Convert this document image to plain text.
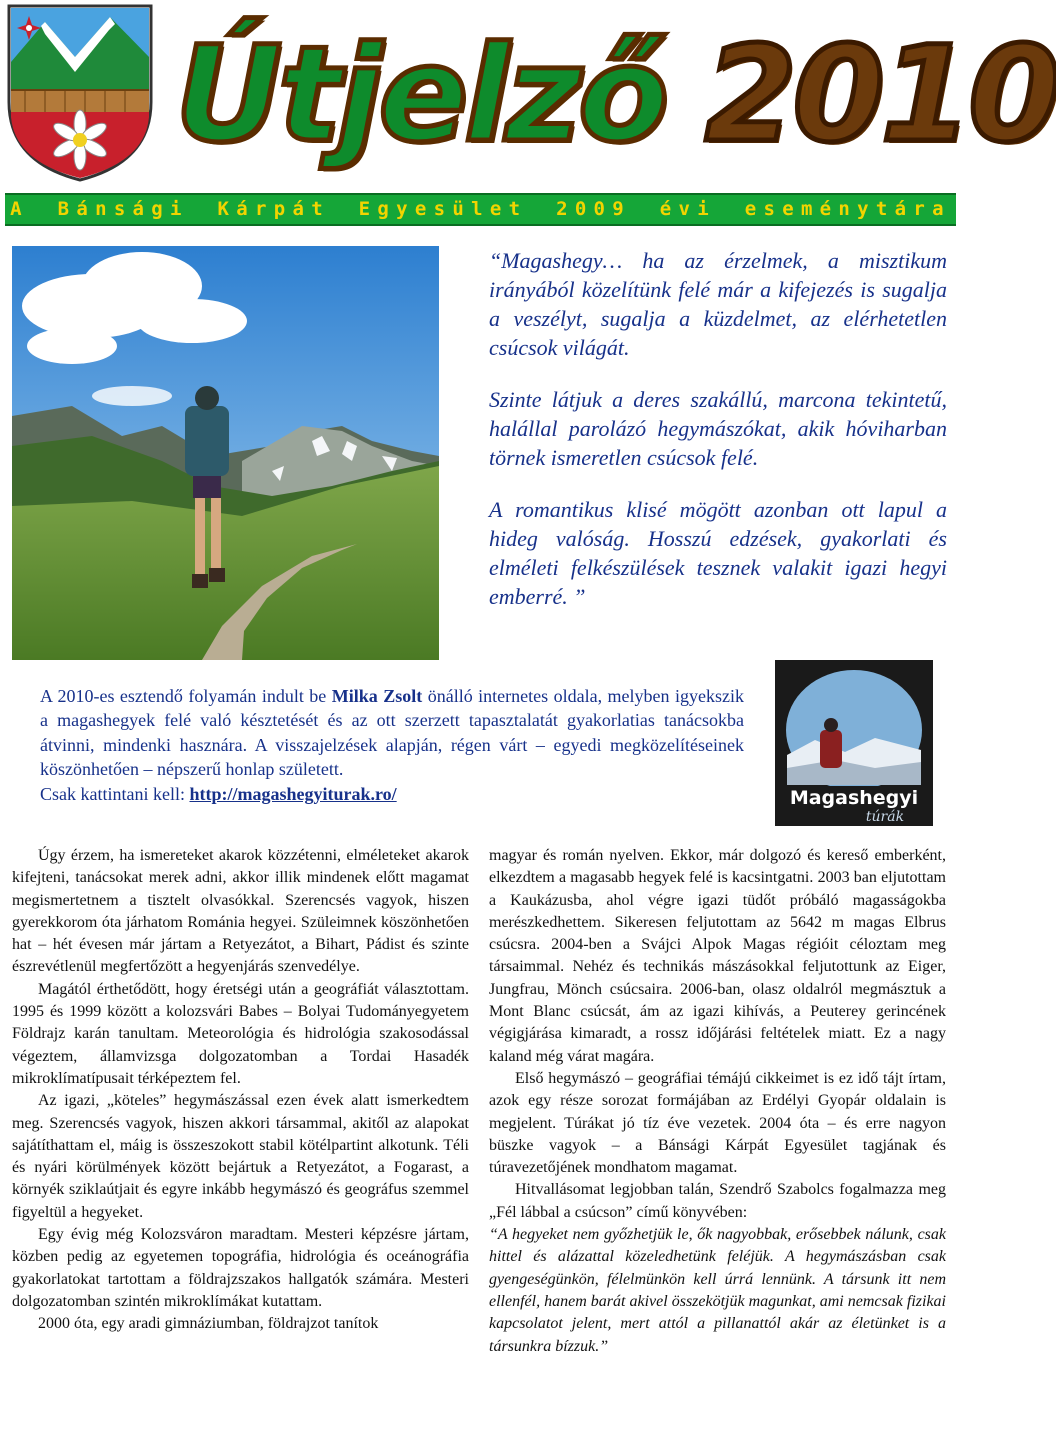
Útjelző 2010
A Bánsági Kárpát Egyesület 2009 évi eseménytára

“Magashegy… ha az érzelmek, a misztikum irányából közelítünk felé már a kifejezés is sugalja a veszélyt, sugalja a küzdelmet, az elérhetetlen csúcsok világát.

Szinte látjuk a deres szakállú, marcona tekintetű, halállal parolázó hegymászókat, akik hóviharban törnek ismeretlen csúcsok felé.

A romantikus klisé mögött azonban ott lapul a hideg valóság. Hosszú edzések, gyakorlati és elméleti felkészülések tesznek valakit igazi hegyi emberré. ”

A 2010-es esztendő folyamán indult be Milka Zsolt önálló internetes oldala, melyben igyekszik a magashegyek felé való késztetését és az ott szerzett tapasztalatát gyakorlatias tanácsokba átvinni, mindenki hasznára. A visszajelzések alapján, régen várt – egyedi megközelítéseinek köszönhetően – népszerű honlap született.

Csak kattintani kell: http://magashegyiturak.ro/	Magashegyi
túrák

Úgy érzem, ha ismereteket akarok közzétenni, elméleteket akarok kifejteni, tanácsokat merek adni, akkor illik mindenek előtt magamat megismertetnem a tisztelt olvasókkal. Szerencsés vagyok, hiszen gyerekkorom óta járhatom Románia hegyei. Szüleimnek köszönhetően hat – hét évesen már jártam a Retyezátot, a Bihart, Pádist és szinte észrevétlenül megfertőzött a hegyenjárás szenvedélye.

Magától érthetődött, hogy éretségi után a geográfiát választottam. 1995 és 1999 között a kolozsvári Babes – Bolyai Tudományegyetem Földrajz karán tanultam. Meteorológia és hidrológia szakosodással végeztem, államvizsga dolgozatomban a Tordai Hasadék mikroklímatípusait térképeztem fel.

Az igazi, „köteles” hegymászással ezen évek alatt ismerkedtem meg. Szerencsés vagyok, hiszen akkori társammal, akitől az alapokat sajátíthattam el, máig is összeszokott stabil kötélpartint alkotunk. Téli és nyári körülmények között bejártuk a Retyezátot, a Fogarast, a környék sziklaútjait és egyre inkább hegymászó és geográfus szemmel figyeltül a hegyeket.

Egy évig még Kolozsváron maradtam. Mesteri képzésre jártam, közben pedig az egyetemen topográfia, hidrológia és oceánográfia gyakorlatokat tartottam a földrajzszakos hallgatók számára. Mesteri dolgozatomban szintén mikroklímákat kutattam.

2000 óta, egy aradi gimnáziumban, földrajzot tanítok

magyar és román nyelven. Ekkor, már dolgozó és kereső emberként, elkezdtem a magasabb hegyek felé is kacsintgatni. 2003 ban eljutottam a Kaukázusba, ahol végre igazi tüdőt próbáló magasságokba merészkedhettem. Sikeresen feljutottam az 5642 m magas Elbrus csúcsra. 2004-ben a Svájci Alpok Magas régióit céloztam meg társaimmal. Nehéz és technikás mászásokkal feljutottunk az Eiger, Jungfrau, Mönch csúcsaira. 2006-ban, olasz oldalról megmásztuk a Mont Blanc csúcsát, ám az igazi kihívás, a Peuterey gerincének végigjárása kimaradt, a rossz időjárási feltételek miatt. Ez a nagy kaland még várat magára.

Első hegymászó – geográfiai témájú cikkeimet is ez idő tájt írtam, azok egy része sorozat formájában az Erdélyi Gyopár oldalain is megjelent. Túrákat jó tíz éve vezetek. 2004 óta – és erre nagyon büszke vagyok – a Bánsági Kárpát Egyesület tagjának és túravezetőjének mondhatom magamat.

Hitvallásomat legjobban talán, Szendrő Szabolcs fogalmazza meg „Fél lábbal a csúcson” című könyvében:

“A hegyeket nem győzhetjük le, ők nagyobbak, erősebbek nálunk, csak hittel és alázattal közeledhetünk feléjük. A hegymászásban csak gyengeségünkön, félelmünkön kell úrrá lennünk. A társunk itt nem ellenfél, hanem barát akivel összekötjük magunkat, ami nemcsak fizikai kapcsolatot jelent, mert attól a pillanattól akár az életünket is a társunkra bízzuk.”
